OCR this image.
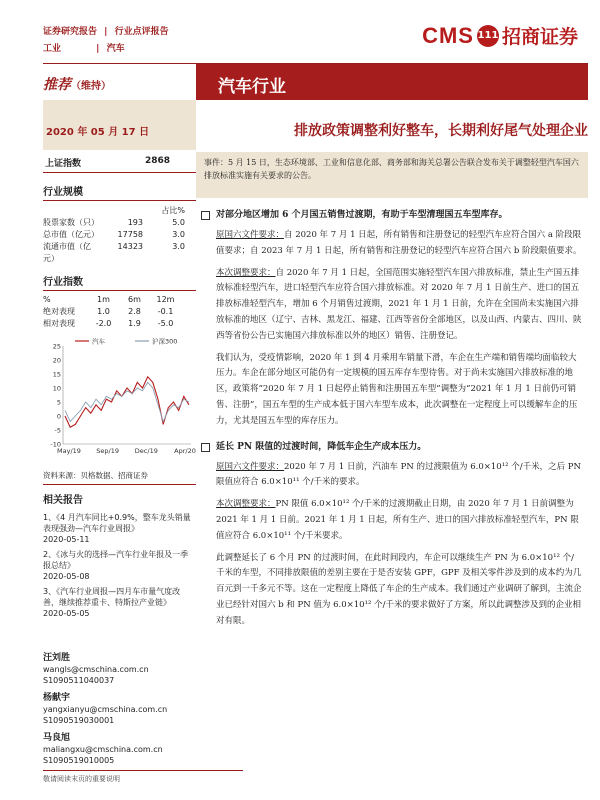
证券研究报告 | 行业点评报告
工业	| 汽车
CMS 111 招商证券
推荐（维持）	汽车行业
2020 年 05 月 17 日	排放政策调整利好整车，长期利好尾气处理企业
上证指数	2868
行业规模
占比%
股票家数（只）	193	5.0
总市值（亿元）	17758	3.0
流通市值（亿元）
14323	3.0
行业指数
%	1m	6m	12m
绝对表现	1.0	2.8	-0.1
相对表现	-2.0	1.9	-5.0
25
20
15
10
5
0
-5
-10
May/19 Sep/19 Dec/19	Apr/20
汽车	沪深300
资料来源：贝格数据、招商证券
相关报告
1、《4 月汽车同比+0.9%，整车龙头销量表现强劲—汽车行业周报》
2020-05-11
2、《冰与火的选择—汽车行业年报及一季报总结》
2020-05-08
3、《汽车行业周报—四月车市量气度改善，继续推荐重卡、特斯拉产业链》
2020-05-05
汪刘胜
wangls@cmschina.com.cn
S1090511040037
杨献宇
yangxianyu@cmschina.com.cn
S1090519030001
马良旭
maliangxu@cmschina.com.cn
S1090519010005
事件：5 月 15 日，生态环境部、工业和信息化部、商务部和海关总署公告联合发布关于调整轻型汽车国六排放标准实施有关要求的公告。
对部分地区增加 6 个月国五销售过渡期，有助于车型清理国五车型库存。
原国六文件要求：自 2020 年 7 月 1 日起，所有销售和注册登记的轻型汽车应符合国六 a 阶段限值要求；自 2023 年 7 月 1 日起，所有销售和注册登记的轻型汽车应符合国六 b 阶段限值要求。
本次调整要求：自 2020 年 7 月 1 日起，全国范围实施轻型汽车国六排放标准，禁止生产国五排放标准轻型汽车，进口轻型汽车应符合国六排放标准。对 2020 年 7 月 1 日前生产、进口的国五排放标准轻型汽车，增加 6 个月销售过渡期，2021 年 1 月 1 日前，允许在全国尚未实施国六排放标准的地区（辽宁、吉林、黑龙江、福建、江西等省份全部地区，以及山西、内蒙古、四川、陕西等省份公告已实施国六排放标准以外的地区）销售、注册登记。
我们认为，受疫情影响，2020 年 1 到 4 月乘用车销量下滑，车企在生产端和销售端均面临较大压力。车企在部分地区可能仍有一定规模的国五库存车型待售。对于尚未实施国六排放标准的地区，政策将“2020 年 7 月 1 日起停止销售和注册国五车型”调整为“2021 年 1 月 1 日前仍可销售、注册”，国五车型的生产成本低于国六车型车成本，此次调整在一定程度上可以缓解车企的压力，尤其是国五车型的库存压力。
延长 PN 限值的过渡时间，降低车企生产成本压力。
原国六文件要求：2020 年 7 月 1 日前，汽油车 PN 的过渡限值为 6.0×10¹² 个/千米，之后 PN 限值应符合 6.0×10¹¹ 个/千米的要求。
本次调整要求：PN 限值 6.0×10¹² 个/千米的过渡期截止日期，由 2020 年 7 月 1 日前调整为 2021 年 1 月 1 日前。2021 年 1 月 1 日起，所有生产、进口的国六排放标准轻型汽车，PN 限值应符合 6.0×10¹¹ 个/千米要求。
此调整延长了 6 个月 PN 的过渡时间，在此时间段内，车企可以继续生产 PN 为 6.0×10¹² 个/千米的车型，不同排放限值的差别主要在于是否安装 GPF，GPF 及相关零件涉及到的成本约为几百元到一千多元不等。这在一定程度上降低了车企的生产成本。我们通过产业调研了解到，主流企业已经针对国六 b 和 PN 值为 6.0×10¹² 个/千米的要求做好了方案，所以此调整涉及到的企业相对有限。
敬请阅读末页的重要说明
